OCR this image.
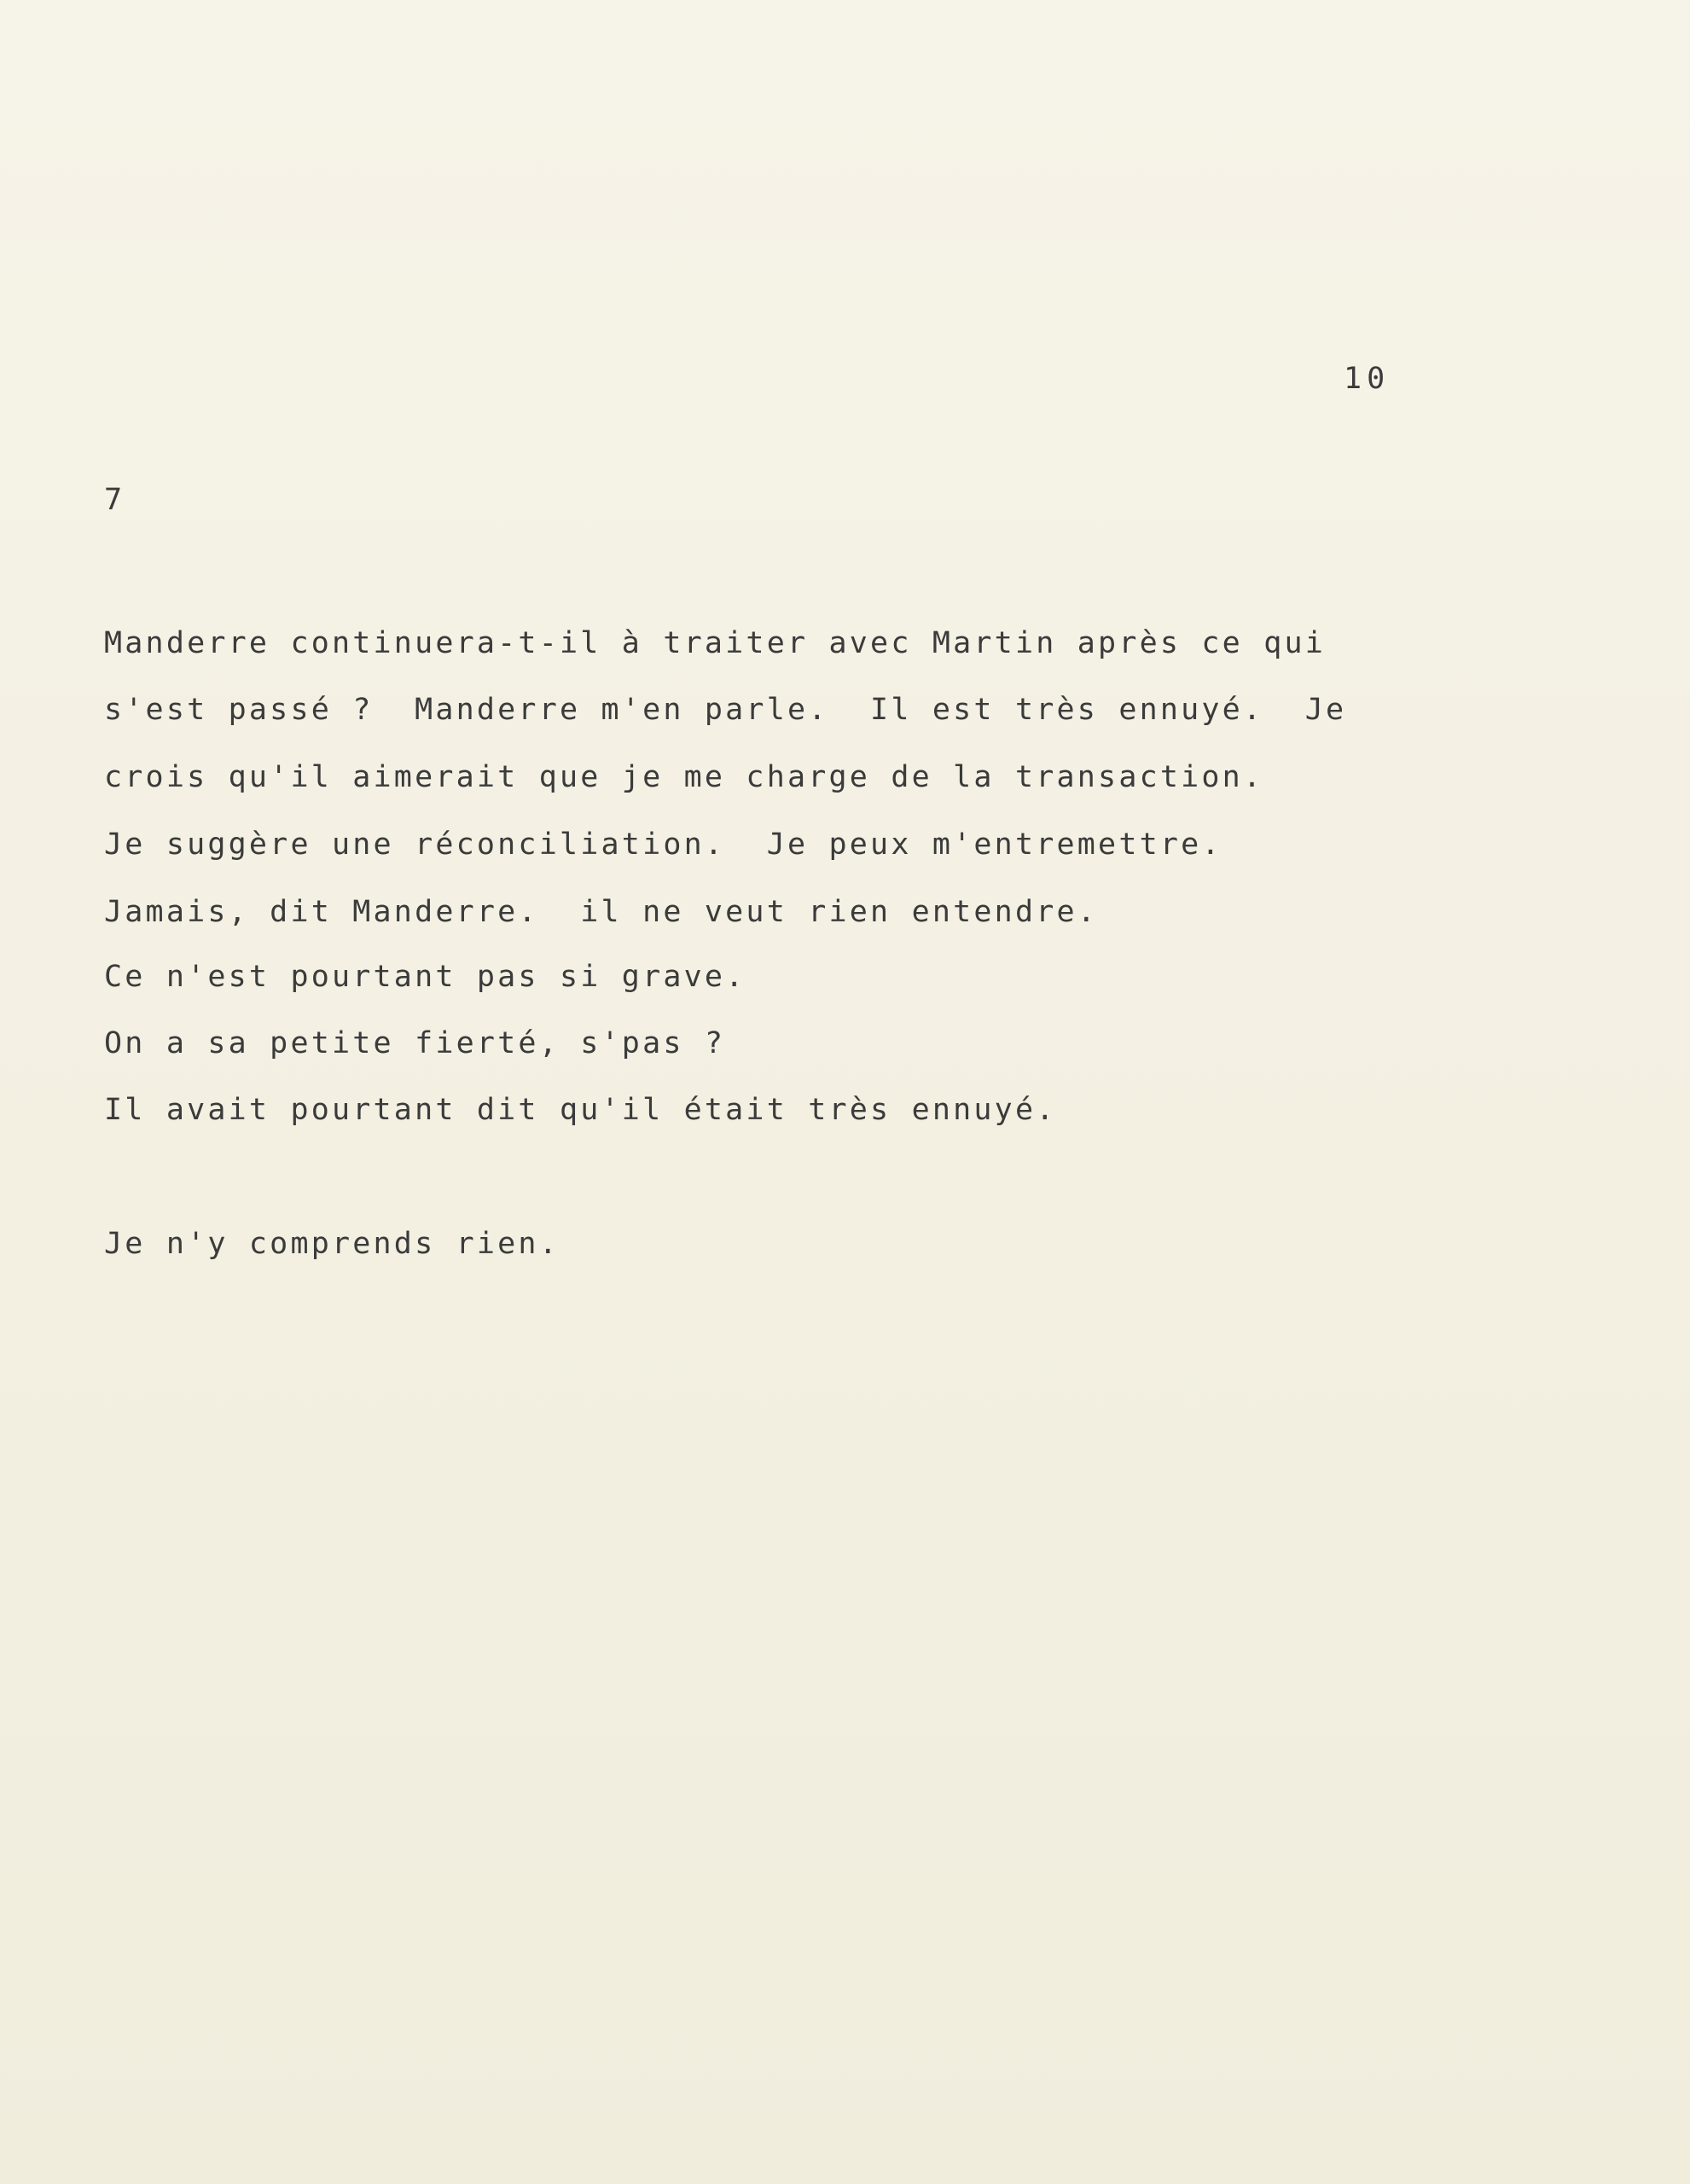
10
7
Manderre continuera-t-il à traiter avec Martin après ce qui
s'est passé ?  Manderre m'en parle.  Il est très ennuyé.  Je
crois qu'il aimerait que je me charge de la transaction.
Je suggère une réconciliation.  Je peux m'entremettre.
Jamais, dit Manderre.  il ne veut rien entendre.
Ce n'est pourtant pas si grave.
On a sa petite fierté, s'pas ?
Il avait pourtant dit qu'il était très ennuyé.
Je n'y comprends rien.
